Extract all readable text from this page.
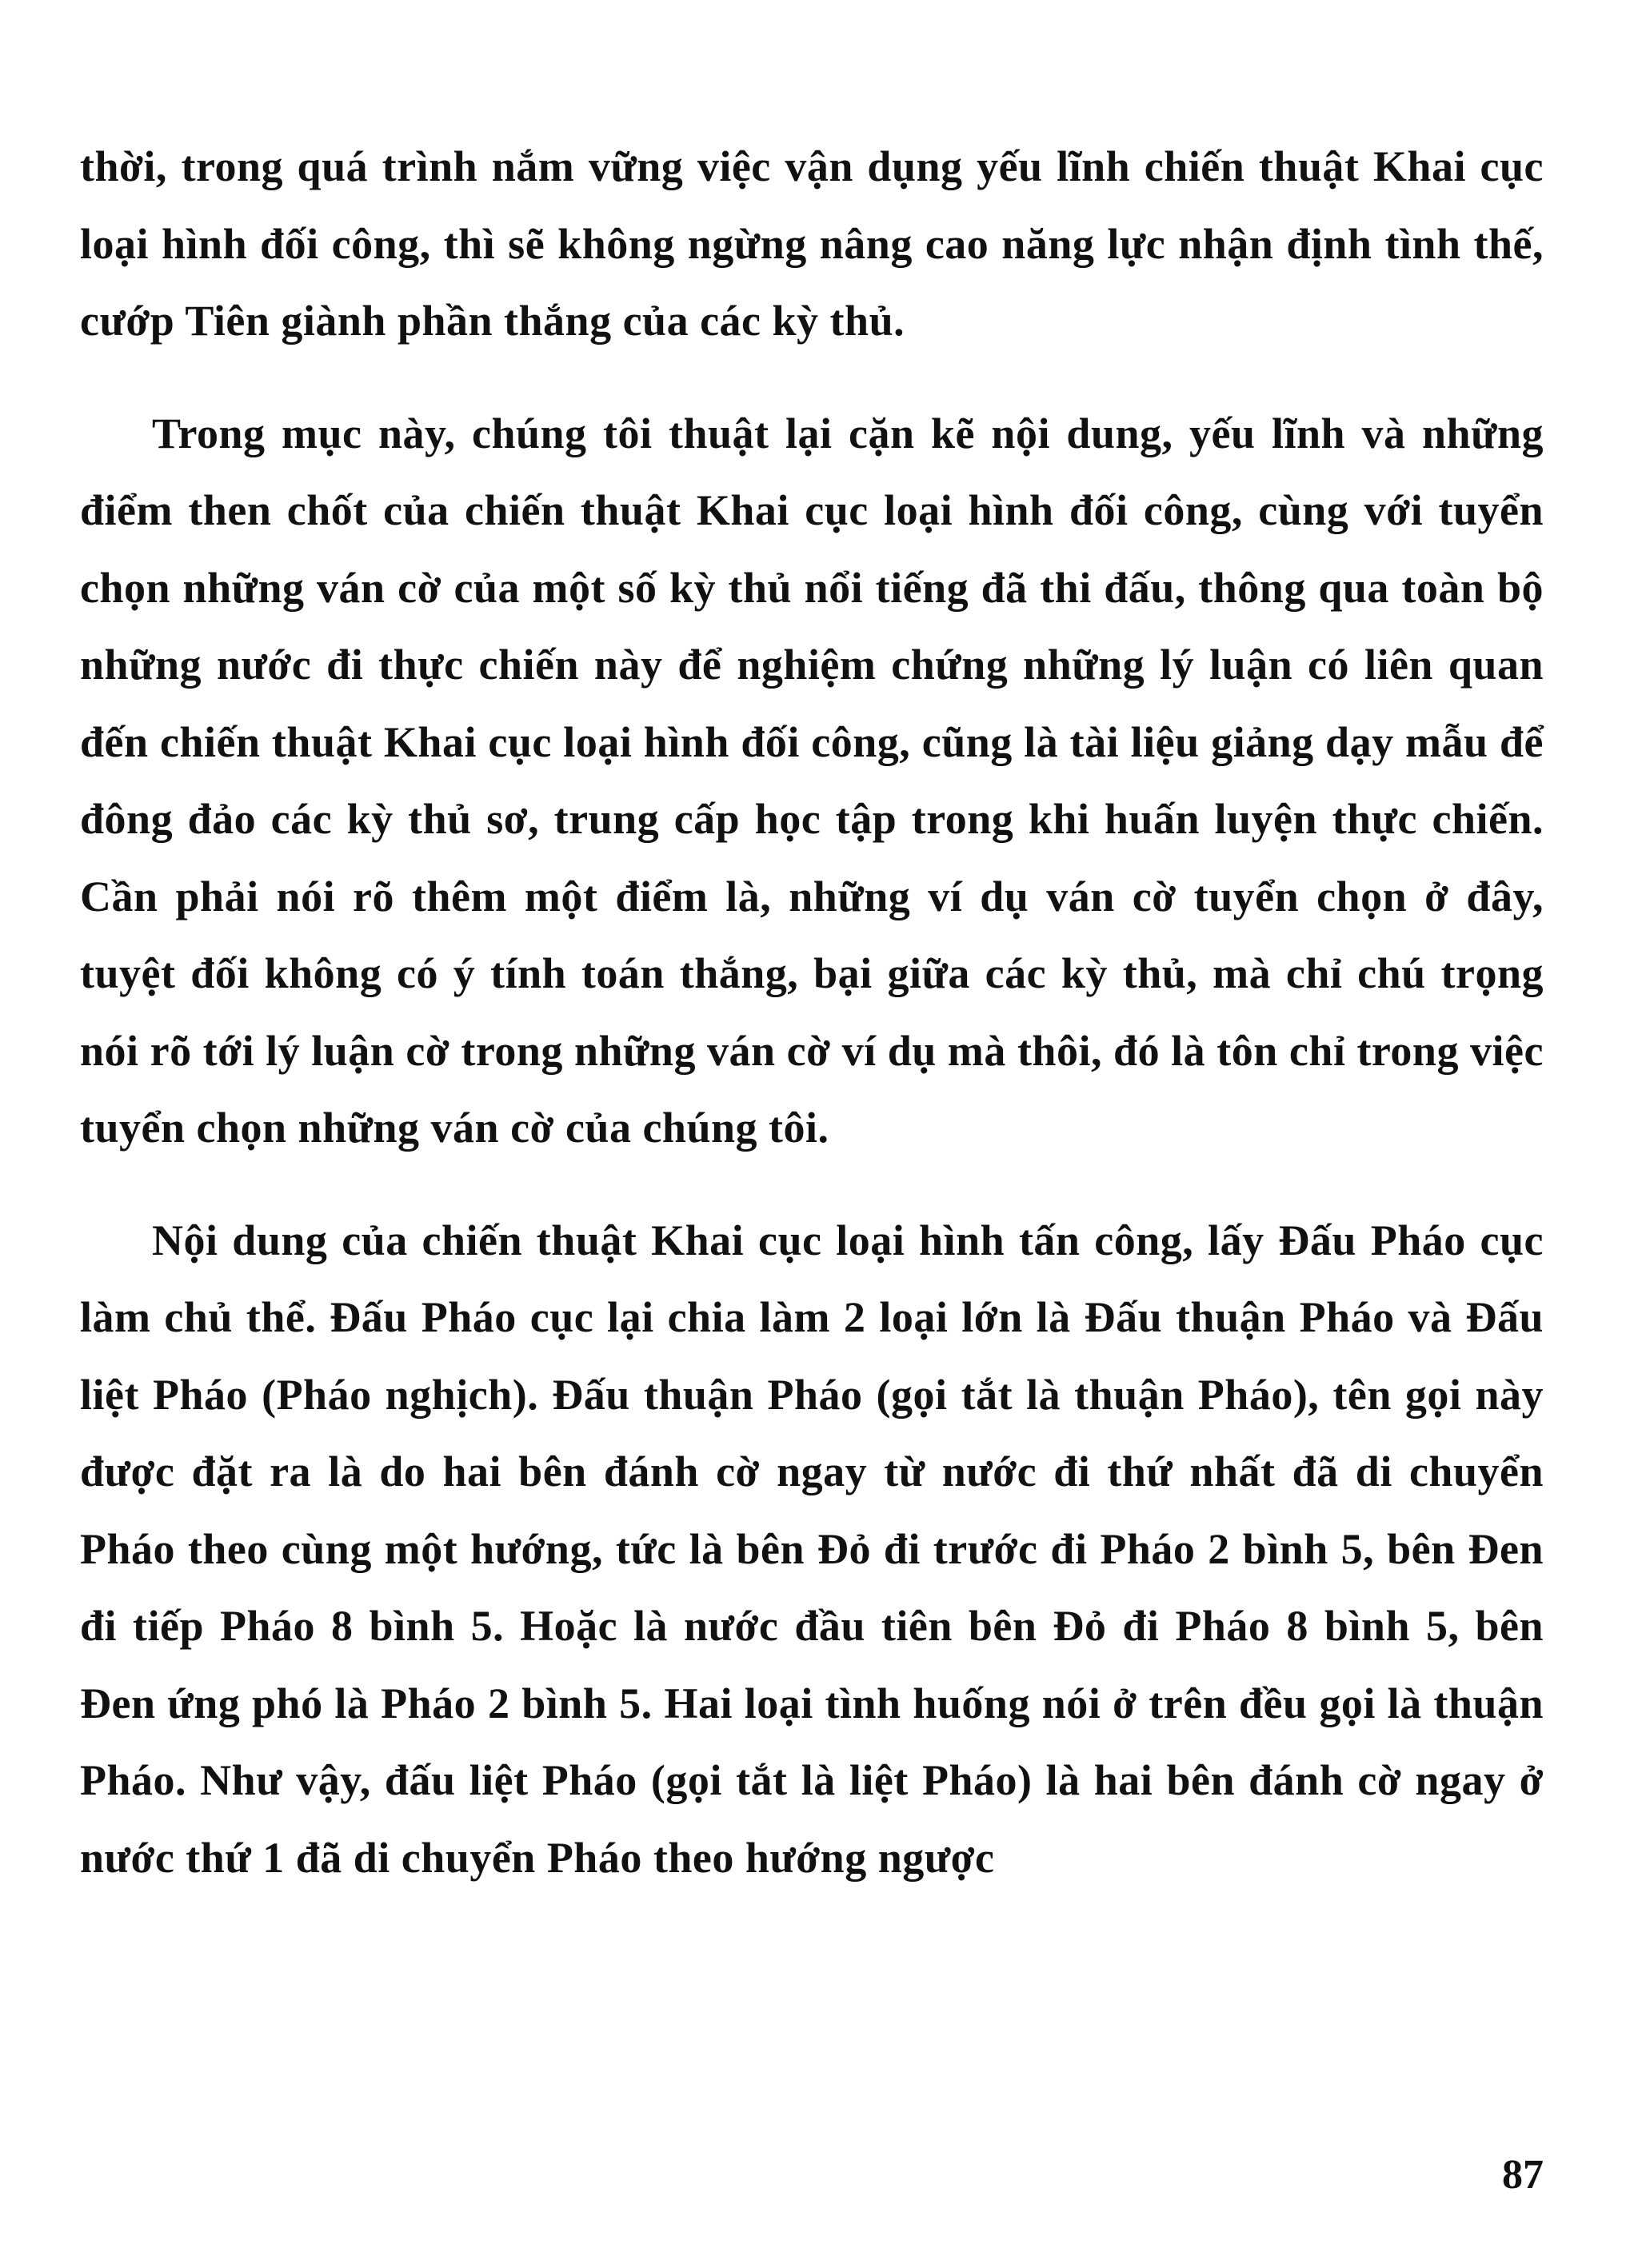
thời, trong quá trình nắm vững việc vận dụng yếu lĩnh chiến thuật Khai cục loại hình đối công, thì sẽ không ngừng nâng cao năng lực nhận định tình thế, cướp Tiên giành phần thắng của các kỳ thủ.

Trong mục này, chúng tôi thuật lại cặn kẽ nội dung, yếu lĩnh và những điểm then chốt của chiến thuật Khai cục loại hình đối công, cùng với tuyển chọn những ván cờ của một số kỳ thủ nổi tiếng đã thi đấu, thông qua toàn bộ những nước đi thực chiến này để nghiệm chứng những lý luận có liên quan đến chiến thuật Khai cục loại hình đối công, cũng là tài liệu giảng dạy mẫu để đông đảo các kỳ thủ sơ, trung cấp học tập trong khi huấn luyện thực chiến. Cần phải nói rõ thêm một điểm là, những ví dụ ván cờ tuyển chọn ở đây, tuyệt đối không có ý tính toán thắng, bại giữa các kỳ thủ, mà chỉ chú trọng nói rõ tới lý luận cờ trong những ván cờ ví dụ mà thôi, đó là tôn chỉ trong việc tuyển chọn những ván cờ của chúng tôi.

Nội dung của chiến thuật Khai cục loại hình tấn công, lấy Đấu Pháo cục làm chủ thể. Đấu Pháo cục lại chia làm 2 loại lớn là Đấu thuận Pháo và Đấu liệt Pháo (Pháo nghịch). Đấu thuận Pháo (gọi tắt là thuận Pháo), tên gọi này được đặt ra là do hai bên đánh cờ ngay từ nước đi thứ nhất đã di chuyển Pháo theo cùng một hướng, tức là bên Đỏ đi trước đi Pháo 2 bình 5, bên Đen đi tiếp Pháo 8 bình 5. Hoặc là nước đầu tiên bên Đỏ đi Pháo 8 bình 5, bên Đen ứng phó là Pháo 2 bình 5. Hai loại tình huống nói ở trên đều gọi là thuận Pháo. Như vậy, đấu liệt Pháo (gọi tắt là liệt Pháo) là hai bên đánh cờ ngay ở nước thứ 1 đã di chuyển Pháo theo hướng ngược

87
